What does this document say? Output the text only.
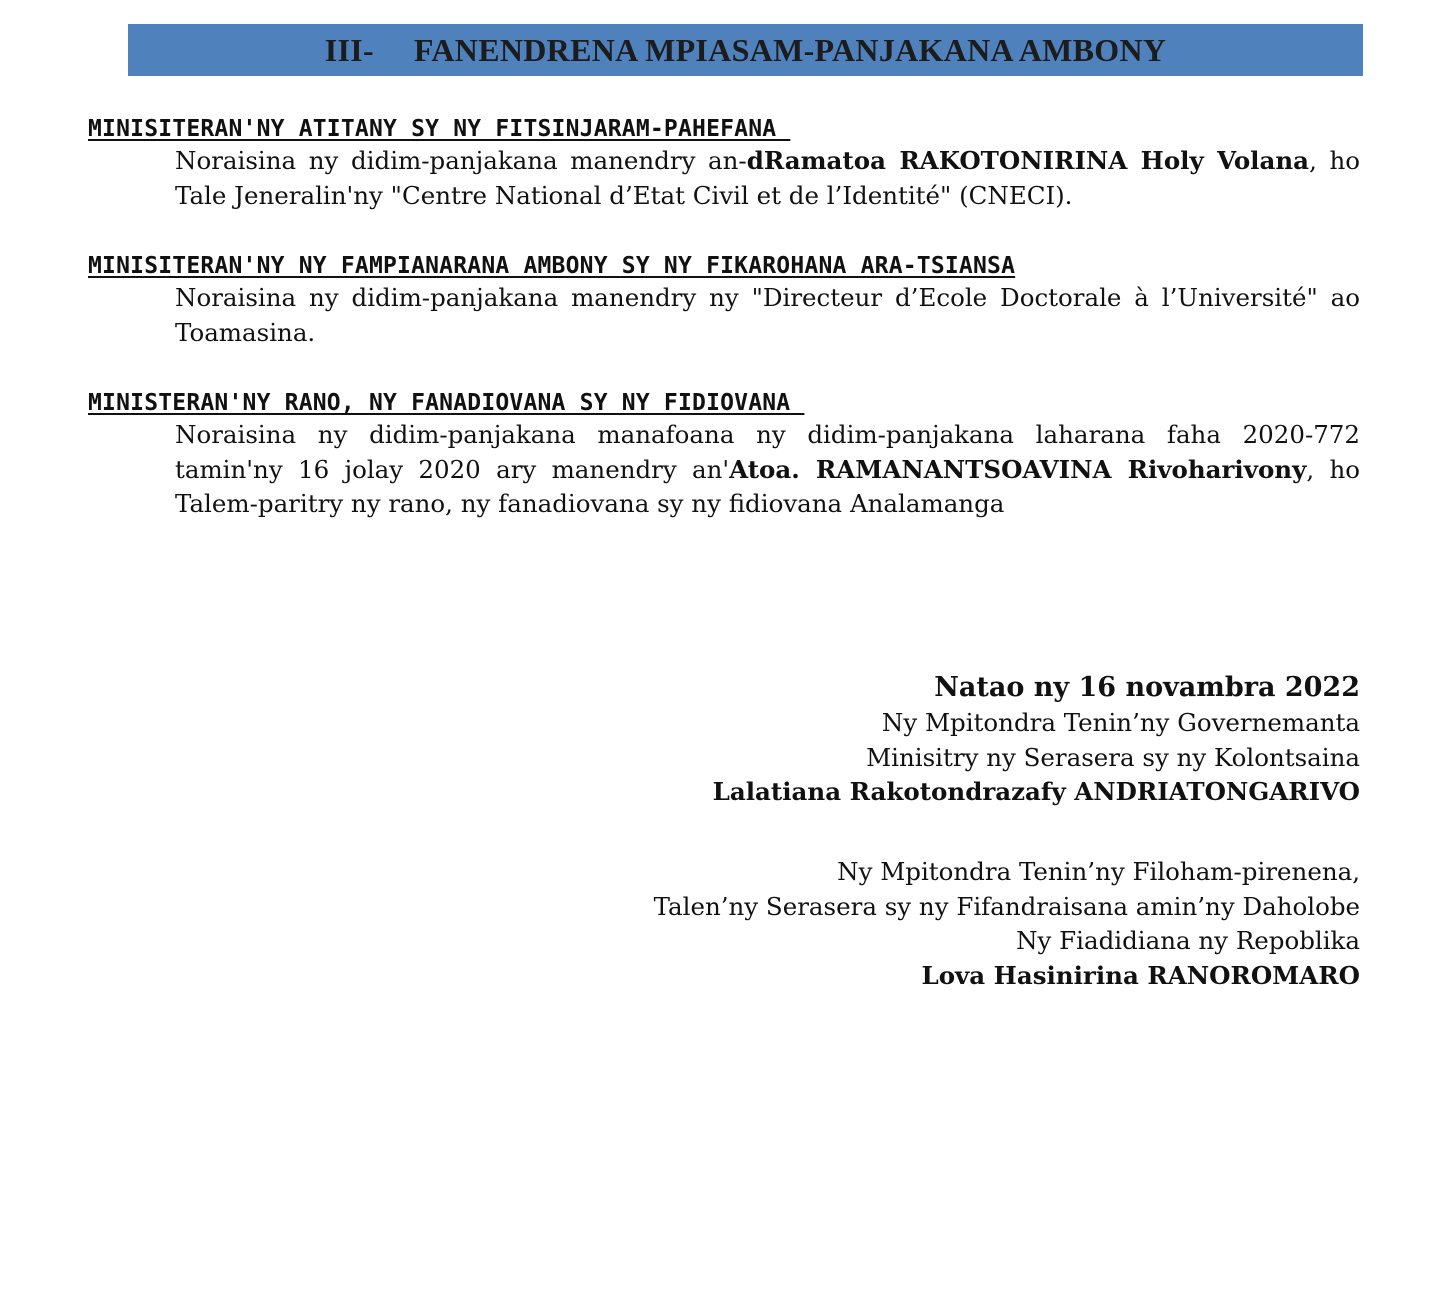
III- FANENDRENA MPIASAM-PANJAKANA AMBONY
MINISITERAN'NY ATITANY SY NY FITSINJARAM-PAHEFANA
Noraisina ny didim-panjakana manendry an-dRamatoa RAKOTONIRINA Holy Volana, ho Tale Jeneralin'ny "Centre National d’Etat Civil et de l’Identité" (CNECI).
MINISITERAN'NY NY FAMPIANARANA AMBONY SY NY FIKAROHANA ARA-TSIANSA
Noraisina ny didim-panjakana manendry ny "Directeur d’Ecole Doctorale à l’Université" ao Toamasina.
MINISTERAN'NY RANO, NY FANADIOVANA SY NY FIDIOVANA
Noraisina ny didim-panjakana manafoana ny didim-panjakana laharana faha 2020-772 tamin'ny 16 jolay 2020 ary manendry an'Atoa. RAMANANTSOAVINA Rivoharivony, ho Talem-paritry ny rano, ny fanadiovana sy ny fidiovana Analamanga
Natao ny 16 novambra 2022
Ny Mpitondra Tenin’ny Governemanta
Minisitry ny Serasera sy ny Kolontsaina
Lalatiana Rakotondrazafy ANDRIATONGARIVO
Ny Mpitondra Tenin’ny Filoham-pirenena,
Talen’ny Serasera sy ny Fifandraisana amin’ny Daholobe
Ny Fiadidiana ny Repoblika
Lova Hasinirina RANOROMARO
